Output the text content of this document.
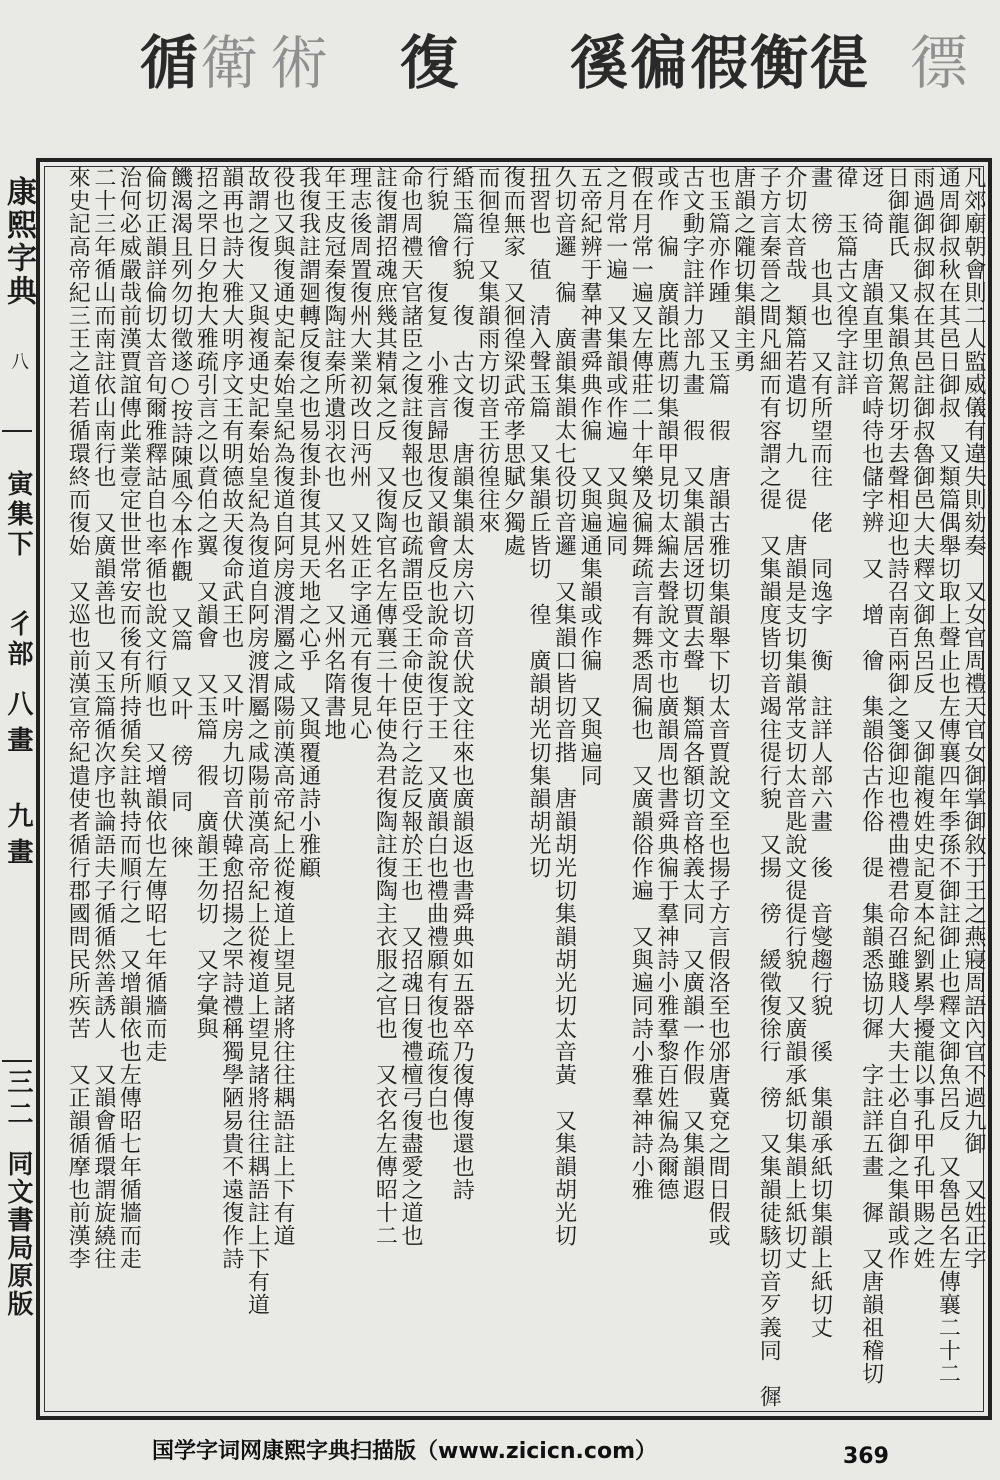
循 衛 術 復 徯 徧 徦 衡 徥 徱
康熙字典
八
寅集下
彳部
八畫 九畫
三二
同文書局原版	凡郊廟朝會則二人監威儀有違失則劾奏　又女官周禮天官女御掌御敘于王之燕寢周語內官不過九御　又姓正字
通周御叔秋在其邑日御叔　又類篇偶舉切取上聲止也左傳襄四年季孫不御註御止也釋文御魚呂反　又魯邑名左傳襄二十二
雨過御叔御叔在其邑註御叔魯御邑大夫釋文御魚呂反　又御龍複姓史記夏本紀劉累學擾龍以事孔甲孔甲賜之姓
日御龍氏　又集韻魚駕切牙去聲相迎也詩召南百兩御之箋御迎也禮曲禮君命召雖賤人大夫士必自御之集韻或作
迓　徛　唐韻直里切音峙待也儲字辨　又　增　徻　集韻俗古作俗　徥　集韻悉協切徲　字註詳五畫　徲　又唐韻祖稽切　徫　玉篇古文徨字註詳
畫　徬　也具也　又有所望而往　佬　同逸字　衡　註詳人部六畫　後　音燮趨行貌　徯　集韻承紙切集韻上紙切丈
介切太音哉　類篇若遣切　九　徥　唐韻是支切集韻常支切太音匙說文徥徥行貌　又廣韻承紙切集韻上紙切丈
子方言秦晉之間凡細而有容謂之徥　又集韻度皆切音竭往徥行貌　又揚　徬　緩徵復徐行　徬　又集韻徒駭切音歹義同　徲　唐韻之隴切集韻主勇
也玉篇亦作踵　又玉篇　徦　唐韻古雅切集韻舉下切太音賈說文至也揚子方言假洛至也邠唐冀兗之間日假或
古文動字註詳力部九畫　徦　又集韻居迓切賈去聲　類篇各額切音格義太同　又廣韻一作假　又集韻遐
或作　徧　廣韻比薦切集韻甲見切太編去聲說文市也廣韻周也書舜典徧于羣神詩小雅羣黎百姓徧為爾德
假在月常一遍又左傳莊二十年樂及徧舞疏言有舞悉周徧也　又廣韻俗作遍　又與遍同詩小雅羣神詩小雅
之月常一遍　又集韻或作遍　又與遍同
五帝紀辨于羣神書舜典作徧　又與遍通集韻或作徧　又與遍同
久切音邏　徧　廣韻集韻太七役切音邏　又集韻口皆切音揩　唐韻胡光切集韻胡光切太音黃　又集韻胡光切
扭習也　徝　清入聲玉篇　又集韻丘皆切　徨　廣韻胡光切集韻胡光切
復而無家　又徊徨梁武帝孝思賦夕獨處
而徊徨　又集韻雨方切音王彷徨往來
緍玉篇行貌　復　古文復　唐韻集韻太房六切音伏說文往來也廣韻返也書舜典如五器卒乃復傳復還也詩
行貌　徻　復复　小雅言歸思復又韻會反也說命說復于王　又廣韻白也禮曲禮願有復也疏復白也
命也周禮天官諸臣之復註復報也反也疏謂臣受王命使臣行之訖反報於王也　又招魂日復禮檀弓復盡愛之道也
註復謂招魂庶幾其精氣之反　又復陶官名左傳襄三十年使為君復陶註復陶主衣服之官也　又衣名左傳昭十二
理志後周置復州大業初改日沔州　又姓正字通元有復見心
年王皮冠秦復陶註秦所遺羽衣也　又州名　又州名隋書地
我復我註謂廻轉反復之也易復卦復其見天地之心乎　又與覆通詩小雅顧
役也又與復通史記秦始皇紀為復道自阿房渡渭屬之咸陽前漢高帝紀上從複道上望見諸將往往耦語註上下有道
故謂之復　又與複通史記秦始皇紀為復道自阿房渡渭屬之咸陽前漢高帝紀上從複道上望見諸將往往耦語註上下有道
韻再也詩大雅大明序文王有明德故天復命武王也　又叶房九切音伏韓愈招揚之罘詩禮稱獨學陋易貴不遠復作詩
招之罘日夕抱大雅疏引言之以賁伯之翼　又韻會　又玉篇　徦　廣韻王勿切　又字彙與
饑渴渴且列勿切徵遂○按詩陳風今本作觀　又篇　又叶　徬　同　徠
倫切正韻詳倫切太音旬爾雅釋詁自也率循也說文行順也　又增韻依也左傳昭七年循牆而走
治何必威嚴哉前漢賈誼傳此業壹定世世常安而後有所持循矣註執持而順行之　又增韻依也左傳昭七年循牆而走
二十三年循山而南註依山南行也　又廣韻善也　又玉篇循次序也論語夫子循循然善誘人　又韻會循環謂旋繞往
來史記高帝紀三王之道若循環終而復始　又巡也前漢宣帝紀遣使者循行郡國問民所疾苦　又正韻循摩也前漢李
国学字词网康熙字典扫描版（www.zicicn.com）	369
